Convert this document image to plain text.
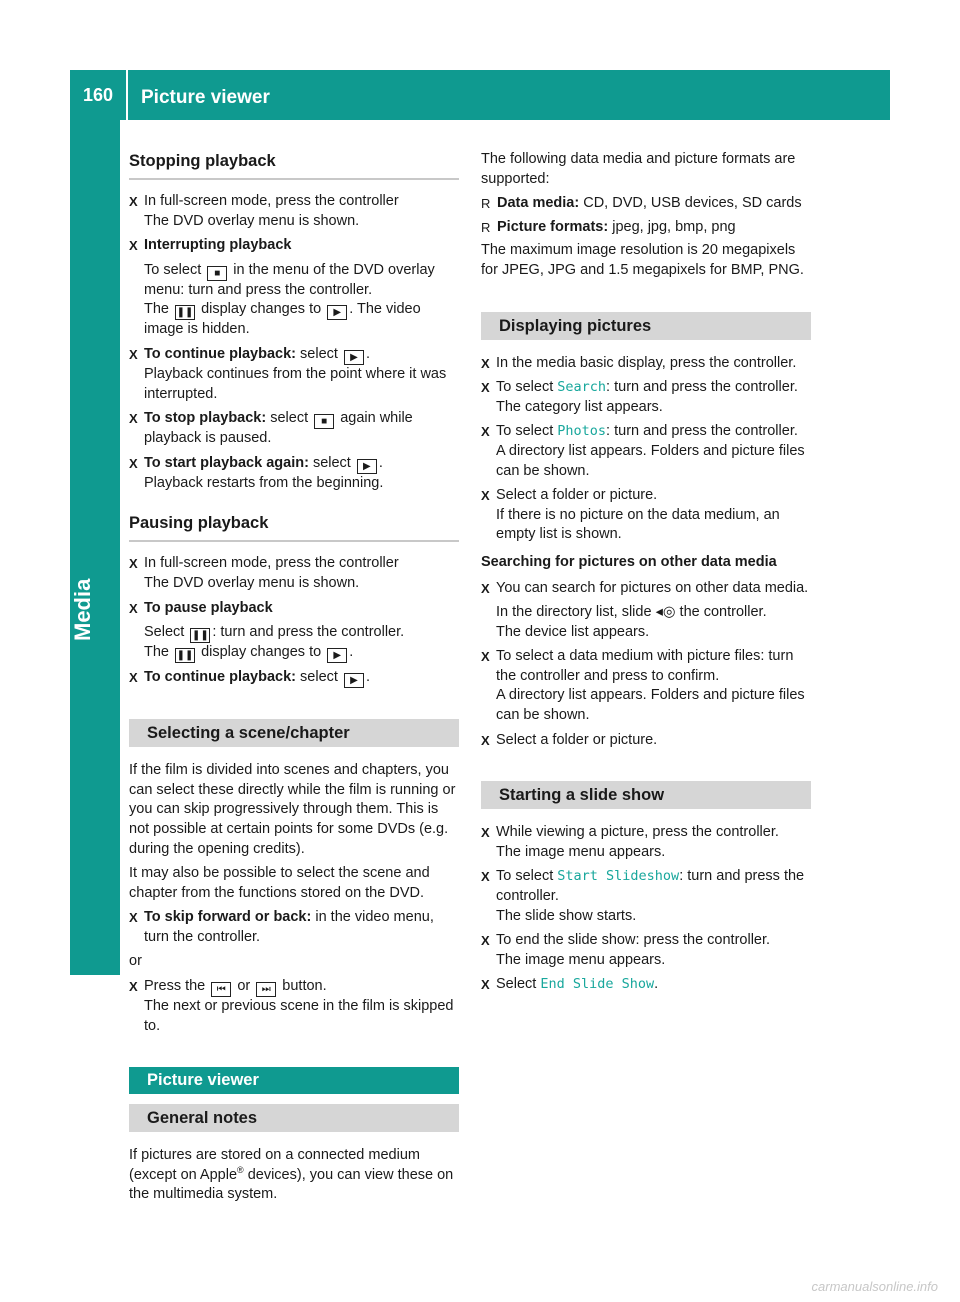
160	Picture viewer
Media
Stopping playback
X In full-screen mode, press the controller
The DVD overlay menu is shown.
X Interrupting playback
To select ■ in the menu of the DVD overlay menu: turn and press the controller.
The ❚❚ display changes to ▶ . The video image is hidden.
X To continue playback: select ▶ .
Playback continues from the point where it was interrupted.
X To stop playback: select ■ again while playback is paused.
X To start playback again: select ▶ .
Playback restarts from the beginning.
Pausing playback
X In full-screen mode, press the controller
The DVD overlay menu is shown.
X To pause playback
Select ❚❚ : turn and press the controller.
The ❚❚ display changes to ▶ .
X To continue playback: select ▶ .
Selecting a scene/chapter
If the film is divided into scenes and chapters, you can select these directly while the film is running or you can skip progressively through them. This is not possible at certain points for some DVDs (e.g. during the opening credits).
It may also be possible to select the scene and chapter from the functions stored on the DVD.
X To skip forward or back: in the video menu, turn the controller.
or
X Press the ⏮ or ⏭ button.
The next or previous scene in the film is skipped to.
Picture viewer
General notes
If pictures are stored on a connected medium (except on Apple® devices), you can view these on the multimedia system.
The following data media and picture formats are supported:
R Data media: CD, DVD, USB devices, SD cards
R Picture formats: jpeg, jpg, bmp, png
The maximum image resolution is 20 megapixels for JPEG, JPG and 1.5 megapixels for BMP, PNG.
Displaying pictures
X In the media basic display, press the controller.
X To select Search: turn and press the controller.
The category list appears.
X To select Photos: turn and press the controller.
A directory list appears. Folders and picture files can be shown.
X Select a folder or picture.
If there is no picture on the data medium, an empty list is shown.
Searching for pictures on other data media
X You can search for pictures on other data media.
In the directory list, slide ◂◎ the controller.
The device list appears.
X To select a data medium with picture files: turn the controller and press to confirm.
A directory list appears. Folders and picture files can be shown.
X Select a folder or picture.
Starting a slide show
X While viewing a picture, press the controller.
The image menu appears.
X To select Start Slideshow: turn and press the controller.
The slide show starts.
X To end the slide show: press the controller.
The image menu appears.
X Select End Slide Show.
carmanualsonline.info
